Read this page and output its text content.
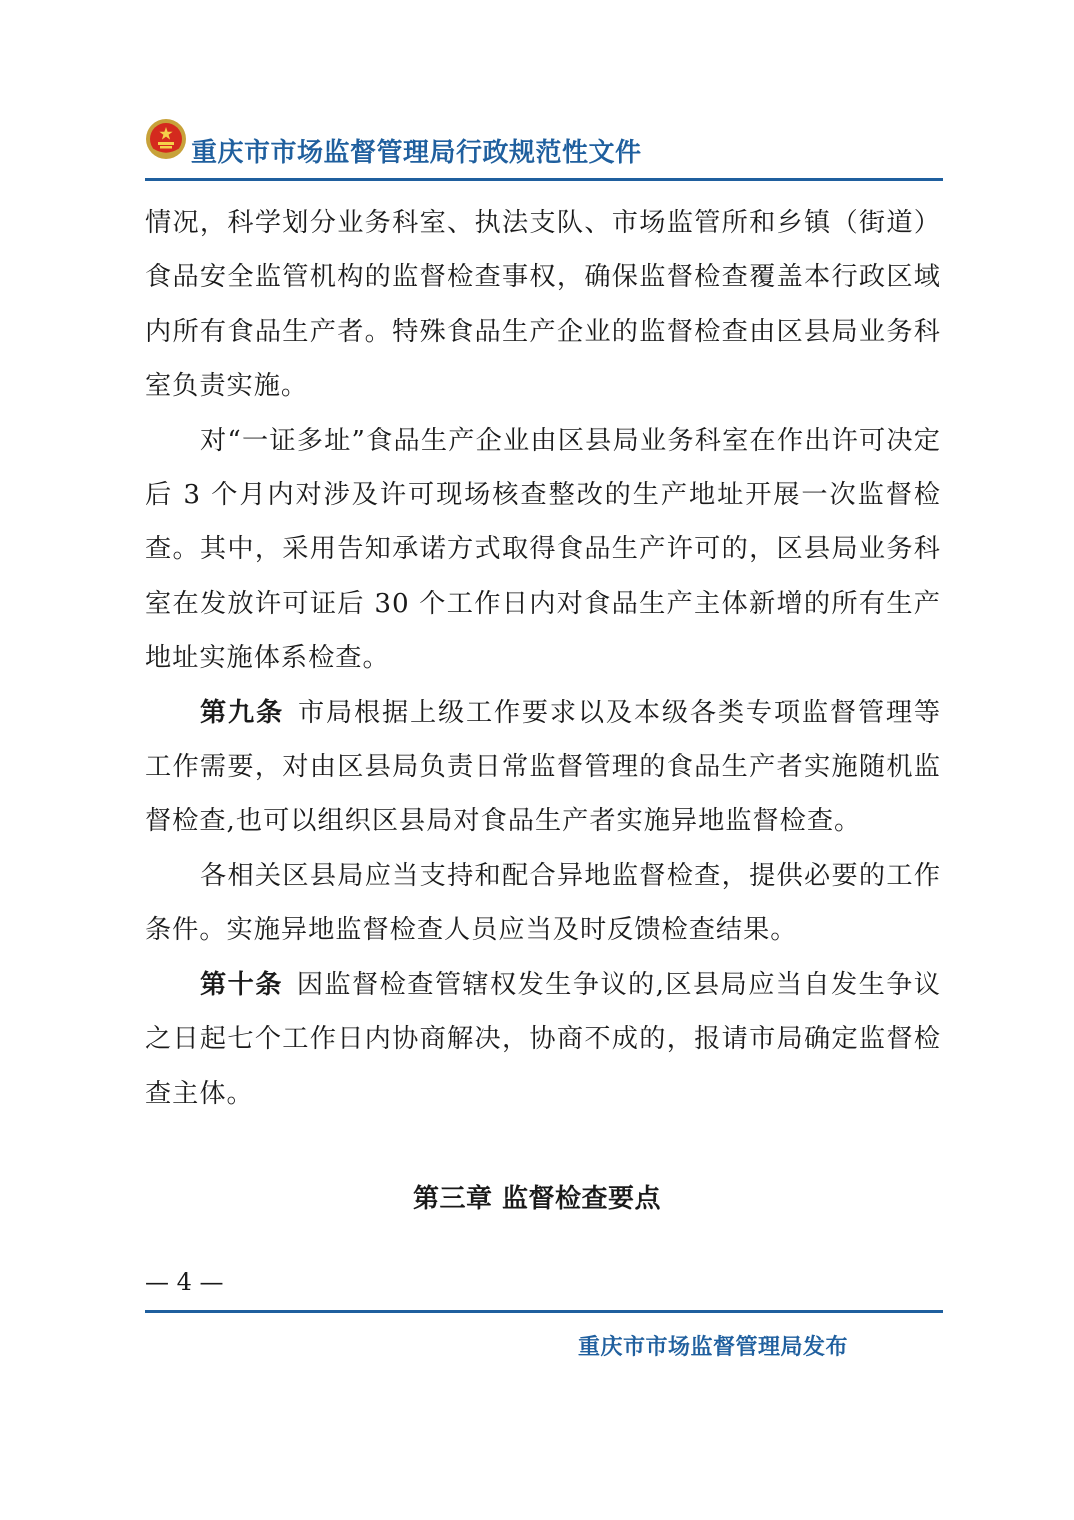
重庆市市场监督管理局行政规范性文件

情况，科学划分业务科室、执法支队、市场监管所和乡镇（街道）食品安全监管机构的监督检查事权，确保监督检查覆盖本行政区域内所有食品生产者。特殊食品生产企业的监督检查由区县局业务科室负责实施。

对“一证多址”食品生产企业由区县局业务科室在作出许可决定后 3 个月内对涉及许可现场核查整改的生产地址开展一次监督检查。其中，采用告知承诺方式取得食品生产许可的，区县局业务科室在发放许可证后 30 个工作日内对食品生产主体新增的所有生产地址实施体系检查。

第九条 市局根据上级工作要求以及本级各类专项监督管理等工作需要，对由区县局负责日常监督管理的食品生产者实施随机监督检查,也可以组织区县局对食品生产者实施异地监督检查。

各相关区县局应当支持和配合异地监督检查，提供必要的工作条件。实施异地监督检查人员应当及时反馈检查结果。

第十条 因监督检查管辖权发生争议的,区县局应当自发生争议之日起七个工作日内协商解决，协商不成的，报请市局确定监督检查主体。

第三章 监督检查要点
— 4 —
重庆市市场监督管理局发布
